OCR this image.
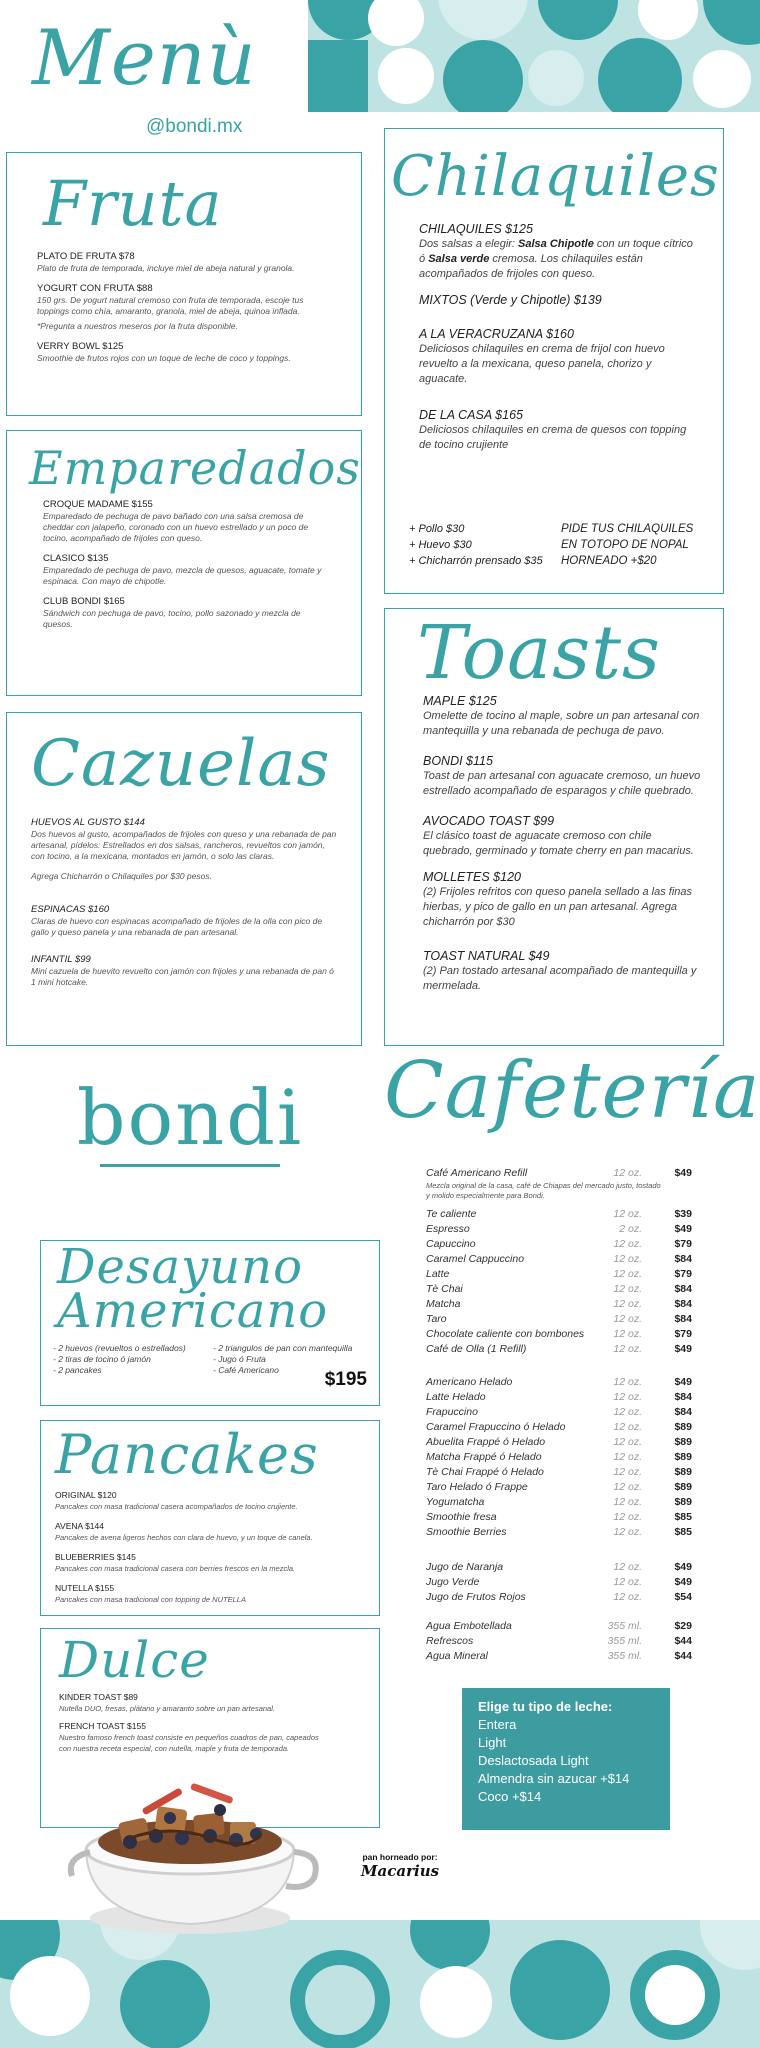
Menù
@bondi.mx
Fruta
PLATO DE FRUTA $78
Plato de fruta de temporada, incluye miel de abeja natural y granola.
YOGURT CON FRUTA $88
150 grs. De yogurt natural cremoso con fruta de temporada, escoje tus toppings como chía, amaranto, granola, miel de abeja, quinoa inflada.
*Pregunta a nuestros meseros por la fruta disponible.
VERRY BOWL $125
Smoothie de frutos rojos con un toque de leche de coco y toppings.
Emparedados
CROQUE MADAME $155
Emparedado de pechuga de pavo bañado con una salsa cremosa de cheddar con jalapeño, coronado con un huevo estrellado y un poco de tocino, acompañado de frijoles con queso.
CLASICO $135
Emparedado de pechuga de pavo, mezcla de quesos, aguacate, tomate y espinaca. Con mayo de chipotle.
CLUB BONDI $165
Sándwich con pechuga de pavo, tocino, pollo sazonado y mezcla de quesos.
Cazuelas
HUEVOS AL GUSTO $144
Dos huevos al gusto, acompañados de frijoles con queso y una rebanada de pan artesanal, pídelos: Estrellados en dos salsas, rancheros, revueltos con jamón, con tocino, a la mexicana, montados en jamón, o solo las claras.
Agrega Chicharrón o Chilaquiles por $30 pesos.
ESPINACAS $160
Claras de huevo con espinacas acompañado de frijoles de la olla con pico de gallo y queso panela y una rebanada de pan artesanal.
INFANTIL $99
Mini cazuela de huevito revuelto con jamón con frijoles y una rebanada de pan ó 1 mini hotcake.
Chilaquiles
CHILAQUILES $125
Dos salsas a elegir: Salsa Chipotle con un toque cítrico ó Salsa verde cremosa. Los chilaquiles están acompañados de frijoles con queso.
MIXTOS (Verde y Chipotle) $139
A LA VERACRUZANA $160
Deliciosos chilaquiles en crema de frijol con huevo revuelto a la mexicana, queso panela, chorizo y aguacate.
DE LA CASA $165
Deliciosos chilaquiles en crema de quesos con topping de tocino crujiente
+ Pollo $30
+ Huevo $30
+ Chicharrón prensado $35
PIDE TUS CHILAQUILES EN TOTOPO DE NOPAL HORNEADO +$20
Toasts
MAPLE $125
Omelette de tocino al maple, sobre un pan artesanal con mantequilla y una rebanada de pechuga de pavo.
BONDI $115
Toast de pan artesanal con aguacate cremoso, un huevo estrellado acompañado de esparagos y chile quebrado.
AVOCADO TOAST $99
El clásico toast de aguacate cremoso con chile quebrado, germinado y tomate cherry en pan macarius.
MOLLETES $120
(2) Frijoles refritos con queso panela sellado a las finas hierbas, y pico de gallo en un pan artesanal. Agrega chicharrón por $30
TOAST NATURAL $49
(2) Pan tostado artesanal acompañado de mantequilla y mermelada.
Cafetería
bondi
Café Americano Refill	12 oz.	$49
Mezcla original de la casa, café de Chiapas del mercado justo, tostado y molido especialmente para Bondi.
Te caliente	12 oz.	$39
Espresso	2 oz.	$49
Capuccino	12 oz.	$79
Caramel Cappuccino	12 oz.	$84
Latte	12 oz.	$79
Tè Chai	12 oz.	$84
Matcha	12 oz.	$84
Taro	12 oz.	$84
Chocolate caliente con bombones	12 oz.	$79
Café de Olla (1 Refill)	12 oz.	$49
Americano Helado	12 oz.	$49
Latte Helado	12 oz.	$84
Frapuccino	12 oz.	$84
Caramel Frapuccino ó Helado	12 oz.	$89
Abuelita Frappé ó Helado	12 oz.	$89
Matcha Frappé ó Helado	12 oz.	$89
Tè Chai Frappé ó Helado	12 oz.	$89
Taro Helado ó Frappe	12 oz.	$89
Yogumatcha	12 oz.	$89
Smoothie fresa	12 oz.	$85
Smoothie Berries	12 oz.	$85
Jugo de Naranja	12 oz.	$49
Jugo Verde	12 oz.	$49
Jugo de Frutos Rojos	12 oz.	$54
Agua Embotellada	355 ml.	$29
Refrescos	355 ml.	$44
Agua Mineral	355 ml.	$44
Elige tu tipo de leche:
Entera
Light
Deslactosada Light
Almendra sin azucar +$14
Coco +$14
Desayuno
Americano
- 2 huevos (revueltos o estrellados)
- 2 tiras de tocino ó jamón
- 2 pancakes
- 2 triangulos de pan con mantequilla
- Jugo ó Fruta
- Café Americano	$195
Pancakes
ORIGINAL $120
Pancakes con masa tradicional casera acompañados de tocino crujiente.
AVENA $144
Pancakes de avena ligeros hechos con clara de huevo, y un toque de canela.
BLUEBERRIES $145
Pancakes con masa tradicional casera con berries frescos en la mezcla.
NUTELLA $155
Pancakes con masa tradicional con topping de NUTELLA
Dulce
KINDER TOAST $89
Nutella DUO, fresas, plátano y amaranto sobre un pan artesanal.
FRENCH TOAST $155
Nuestro famoso french toast consiste en pequeños cuadros de pan, capeados con nuestra receta especial, con nutella, maple y fruta de temporada.
pan horneado por:
Macarius
